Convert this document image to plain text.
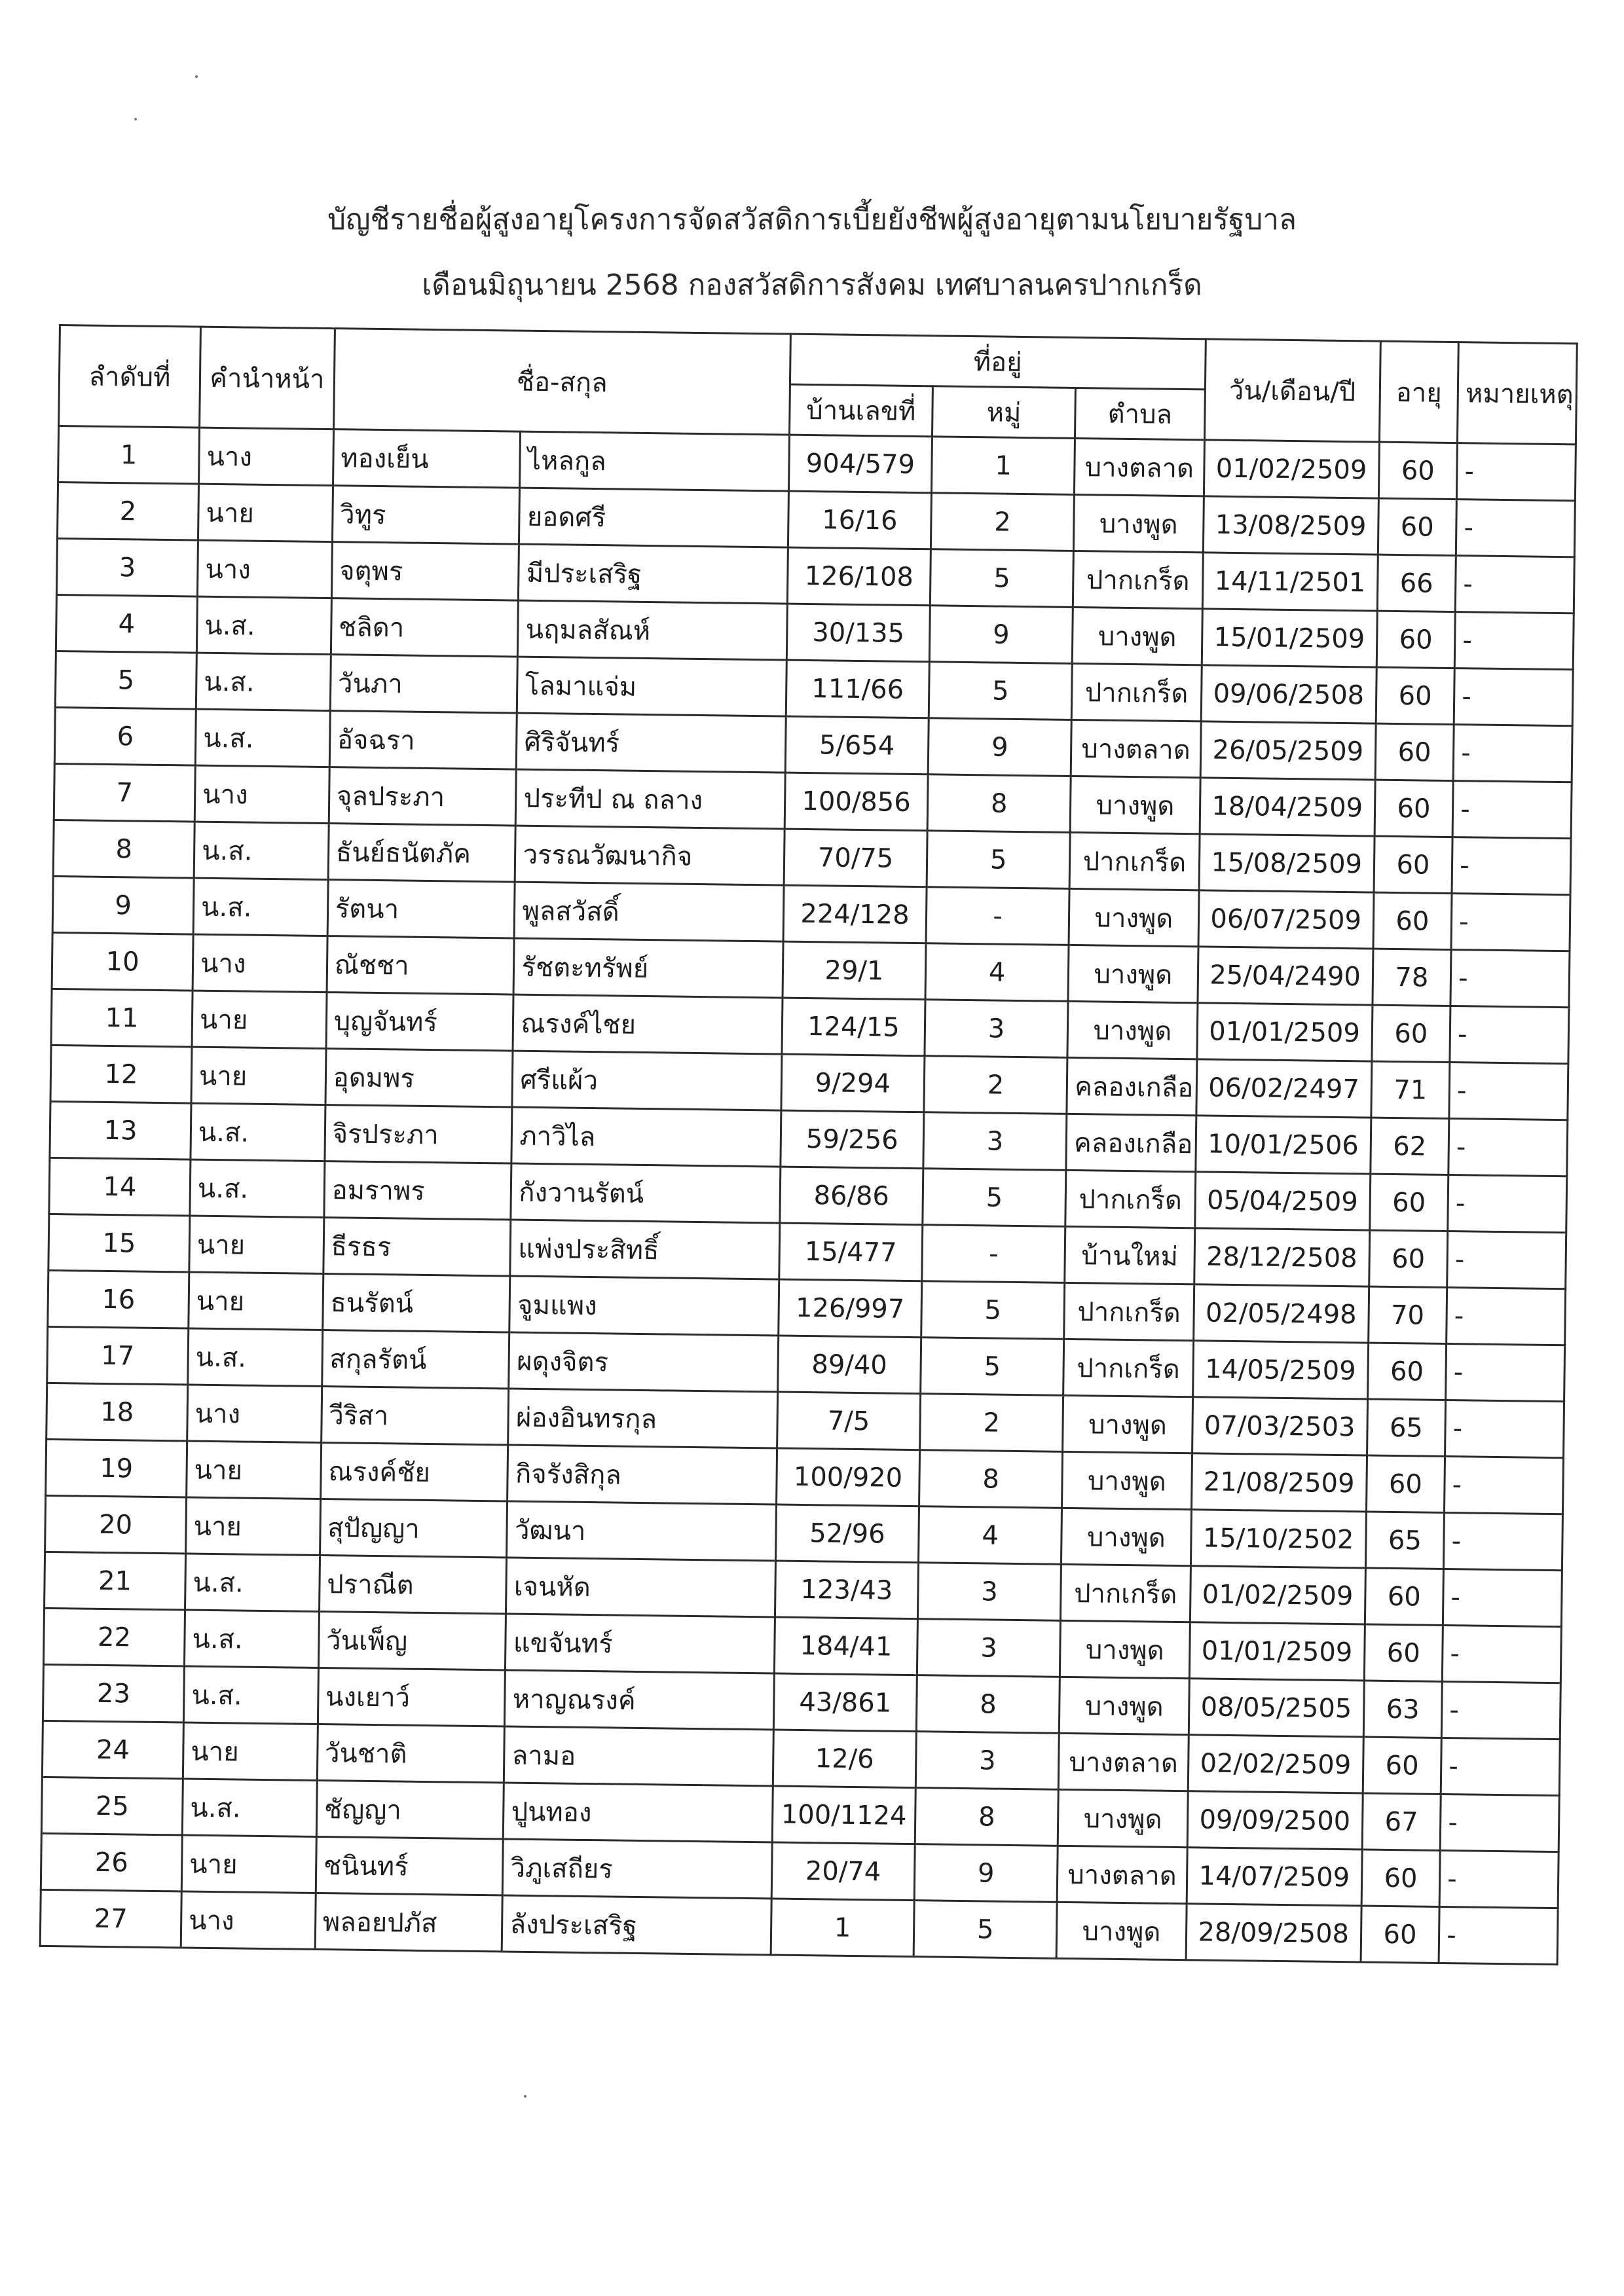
บัญชีรายชื่อผู้สูงอายุโครงการจัดสวัสดิการเบี้ยยังชีพผู้สูงอายุตามนโยบายรัฐบาล
เดือนมิถุนายน 2568 กองสวัสดิการสังคม เทศบาลนครปากเกร็ด
ลำดับที่	คำนำหน้า	ชื่อ-สกุล		ที่อยู่			วัน/เดือน/ปี	อายุ	หมายเหตุ
				บ้านเลขที่	หมู่	ตำบล			
1	นาง	ทองเย็น	ไหลกูล	904/579	1	บางตลาด	01/02/2509	60	-
2	นาย	วิทูร	ยอดศรี	16/16	2	บางพูด	13/08/2509	60	-
3	นาง	จตุพร	มีประเสริฐ	126/108	5	ปากเกร็ด	14/11/2501	66	-
4	น.ส.	ชลิดา	นฤมลสัณห์	30/135	9	บางพูด	15/01/2509	60	-
5	น.ส.	วันภา	โลมาแจ่ม	111/66	5	ปากเกร็ด	09/06/2508	60	-
6	น.ส.	อัจฉรา	ศิริจันทร์	5/654	9	บางตลาด	26/05/2509	60	-
7	นาง	จุลประภา	ประทีป ณ ถลาง	100/856	8	บางพูด	18/04/2509	60	-
8	น.ส.	ธันย์ธนัตภัค	วรรณวัฒนากิจ	70/75	5	ปากเกร็ด	15/08/2509	60	-
9	น.ส.	รัตนา	พูลสวัสดิ์	224/128	-	บางพูด	06/07/2509	60	-
10	นาง	ณัชชา	รัชตะทรัพย์	29/1	4	บางพูด	25/04/2490	78	-
11	นาย	บุญจันทร์	ณรงค์ไชย	124/15	3	บางพูด	01/01/2509	60	-
12	นาย	อุดมพร	ศรีแผ้ว	9/294	2	คลองเกลือ	06/02/2497	71	-
13	น.ส.	จิรประภา	ภาวิไล	59/256	3	คลองเกลือ	10/01/2506	62	-
14	น.ส.	อมราพร	กังวานรัตน์	86/86	5	ปากเกร็ด	05/04/2509	60	-
15	นาย	ธีรธร	แพ่งประสิทธิ์	15/477	-	บ้านใหม่	28/12/2508	60	-
16	นาย	ธนรัตน์	จูมแพง	126/997	5	ปากเกร็ด	02/05/2498	70	-
17	น.ส.	สกุลรัตน์	ผดุงจิตร	89/40	5	ปากเกร็ด	14/05/2509	60	-
18	นาง	วีริสา	ผ่องอินทรกุล	7/5	2	บางพูด	07/03/2503	65	-
19	นาย	ณรงค์ชัย	กิจรังสิกุล	100/920	8	บางพูด	21/08/2509	60	-
20	นาย	สุปัญญา	วัฒนา	52/96	4	บางพูด	15/10/2502	65	-
21	น.ส.	ปราณีต	เจนหัด	123/43	3	ปากเกร็ด	01/02/2509	60	-
22	น.ส.	วันเพ็ญ	แขจันทร์	184/41	3	บางพูด	01/01/2509	60	-
23	น.ส.	นงเยาว์	หาญณรงค์	43/861	8	บางพูด	08/05/2505	63	-
24	นาย	วันชาติ	ลามอ	12/6	3	บางตลาด	02/02/2509	60	-
25	น.ส.	ชัญญา	ปูนทอง	100/1124	8	บางพูด	09/09/2500	67	-
26	นาย	ชนินทร์	วิภูเสถียร	20/74	9	บางตลาด	14/07/2509	60	-
27	นาง	พลอยปภัส	ลังประเสริฐ	1	5	บางพูด	28/09/2508	60	-
